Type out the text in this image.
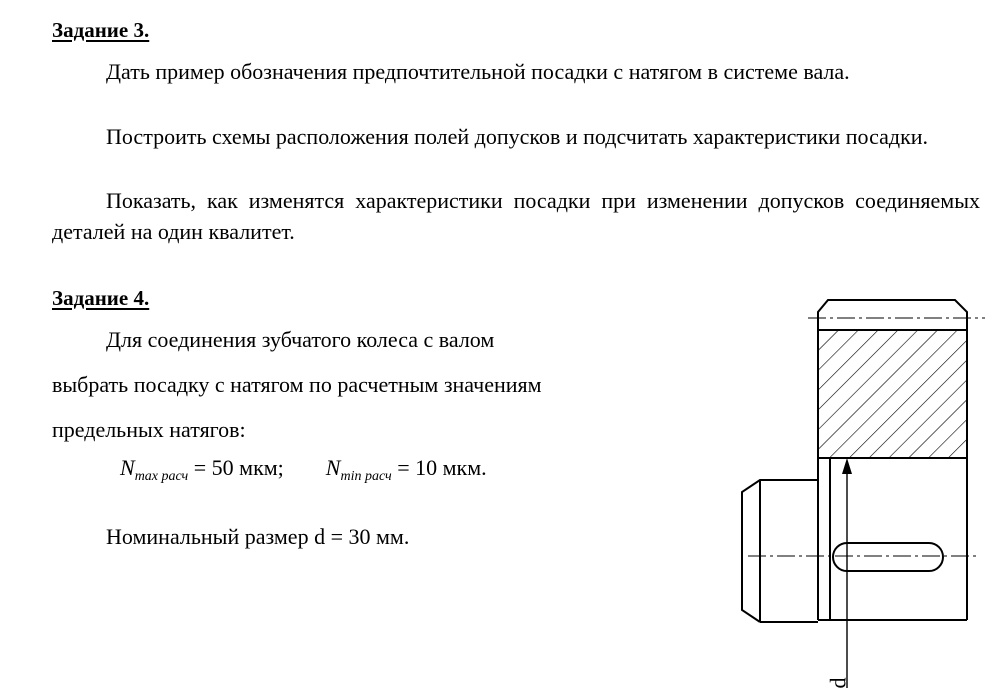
Задание 3.

Дать пример обозначения предпочтительной посадки с натягом в системе вала.

Построить схемы расположения полей допусков и подсчитать характеристики посадки.

Показать, как изменятся характеристики посадки при изменении допусков соединяемых деталей на один квалитет.

Задание 4.
Для соединения зубчатого колеса с валом
выбрать посадку с натягом по расчетным значениям
предельных натягов:
$N_{max расч} = 50$ мкм; $N_{min расч} = 10$ мкм.
Номинальный размер d = 30 мм.
d
